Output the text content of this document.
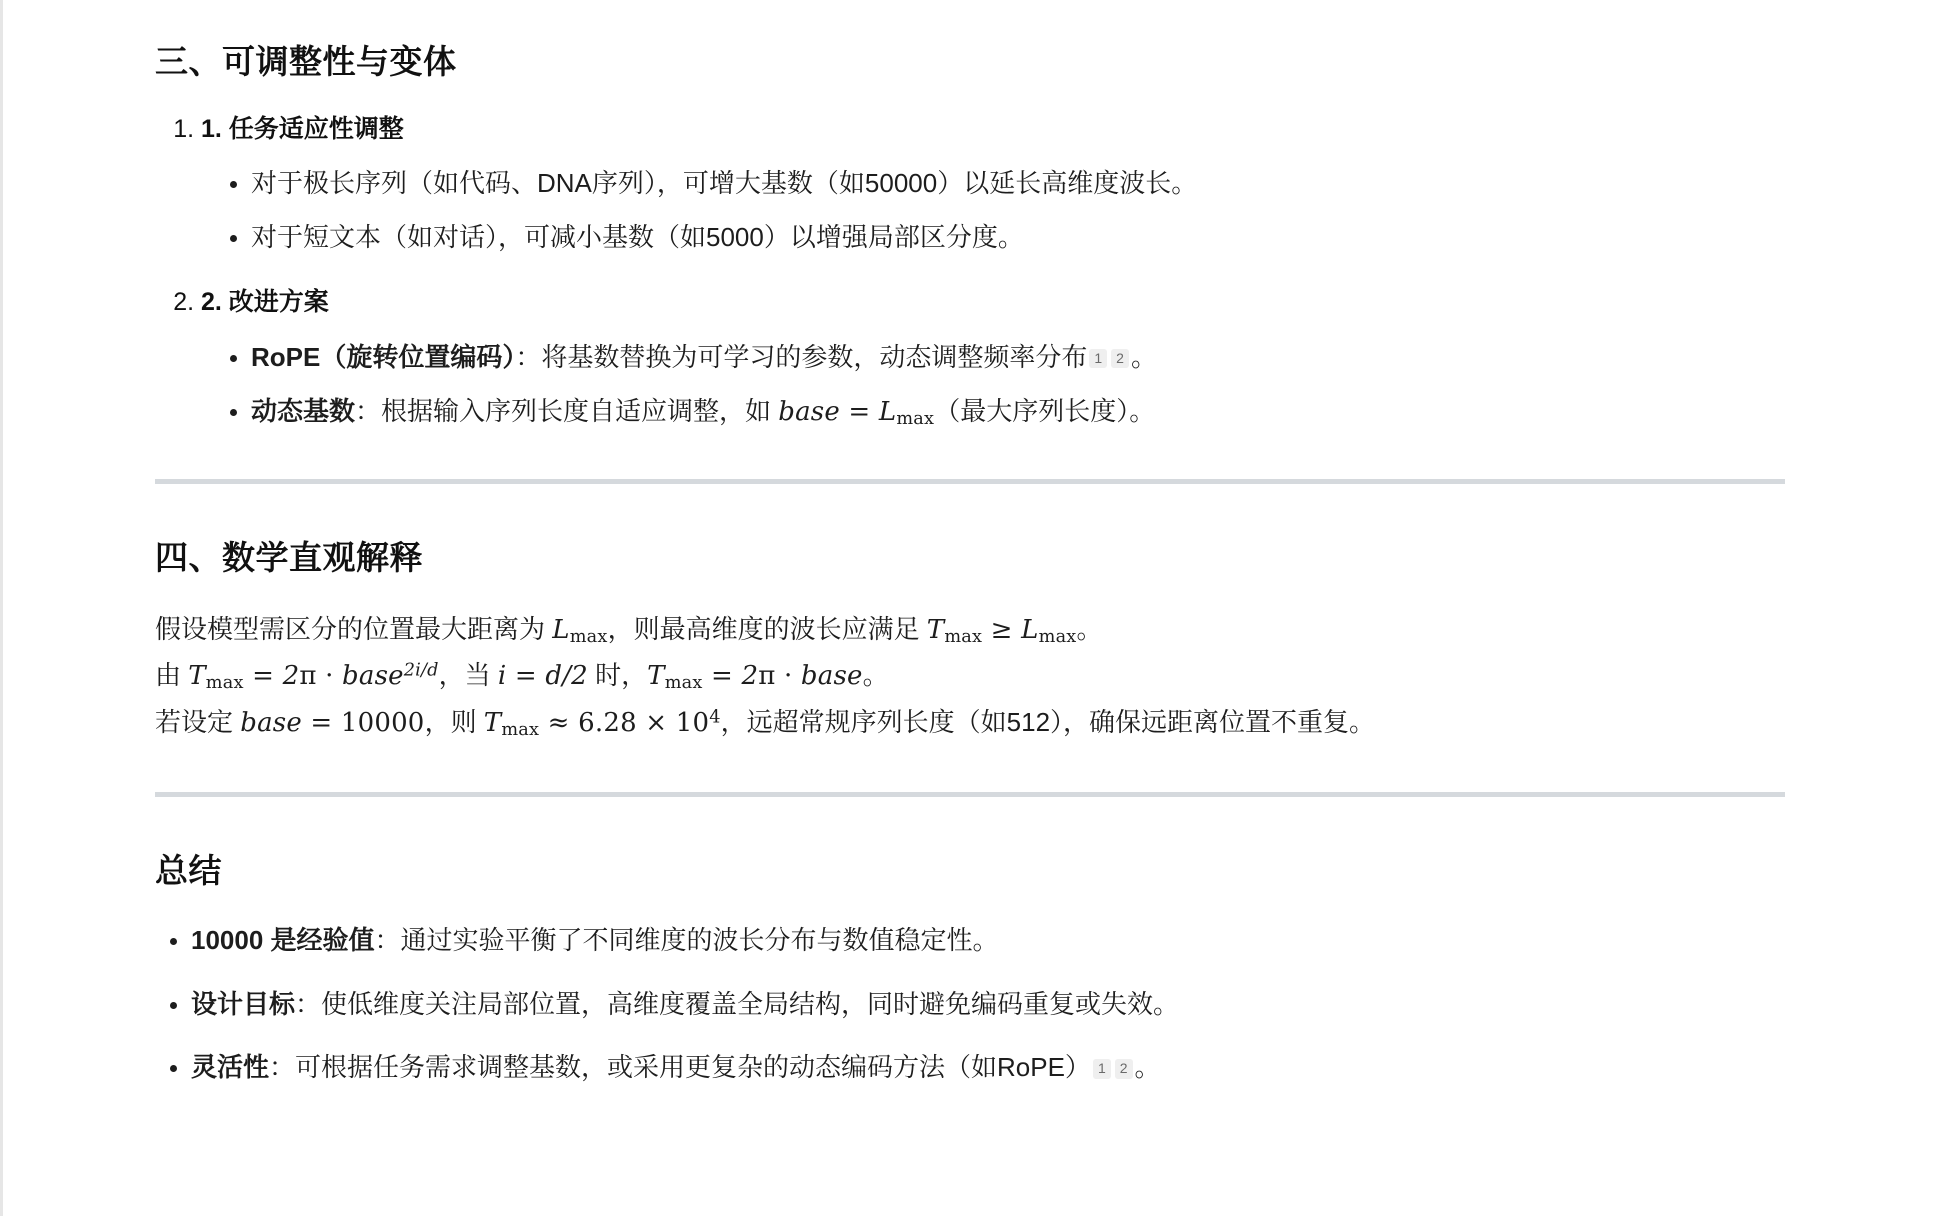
三、可调整性与变体
1. 1. 任务适应性调整
• 对于极长序列（如代码、DNA序列），可增大基数（如50000）以延长高维度波长。
• 对于短文本（如对话），可减小基数（如5000）以增强局部区分度。
2. 2. 改进方案
• RoPE（旋转位置编码）：将基数替换为可学习的参数，动态调整频率分布 1 2 。
• 动态基数：根据输入序列长度自适应调整，如 base = $L_{max}$（最大序列长度）。
四、数学直观解释

假设模型需区分的位置最大距离为 $L_{max}$，则最高维度的波长应满足 $T_{max} \ge L_{max}$。
由 $T_{max} = 2\pi$ · base$^{2i/d}$，当 i = d/2 时，$T_{max} = 2\pi$ · base。
若设定 base = 10000，则 $T_{max} \approx 6.28 \times 10^4$，远超常规序列长度（如512），确保远距离位置不重复。

总结
• 10000 是经验值：通过实验平衡了不同维度的波长分布与数值稳定性。
• 设计目标：使低维度关注局部位置，高维度覆盖全局结构，同时避免编码重复或失效。
• 灵活性：可根据任务需求调整基数，或采用更复杂的动态编码方法（如RoPE） 1 2 。
